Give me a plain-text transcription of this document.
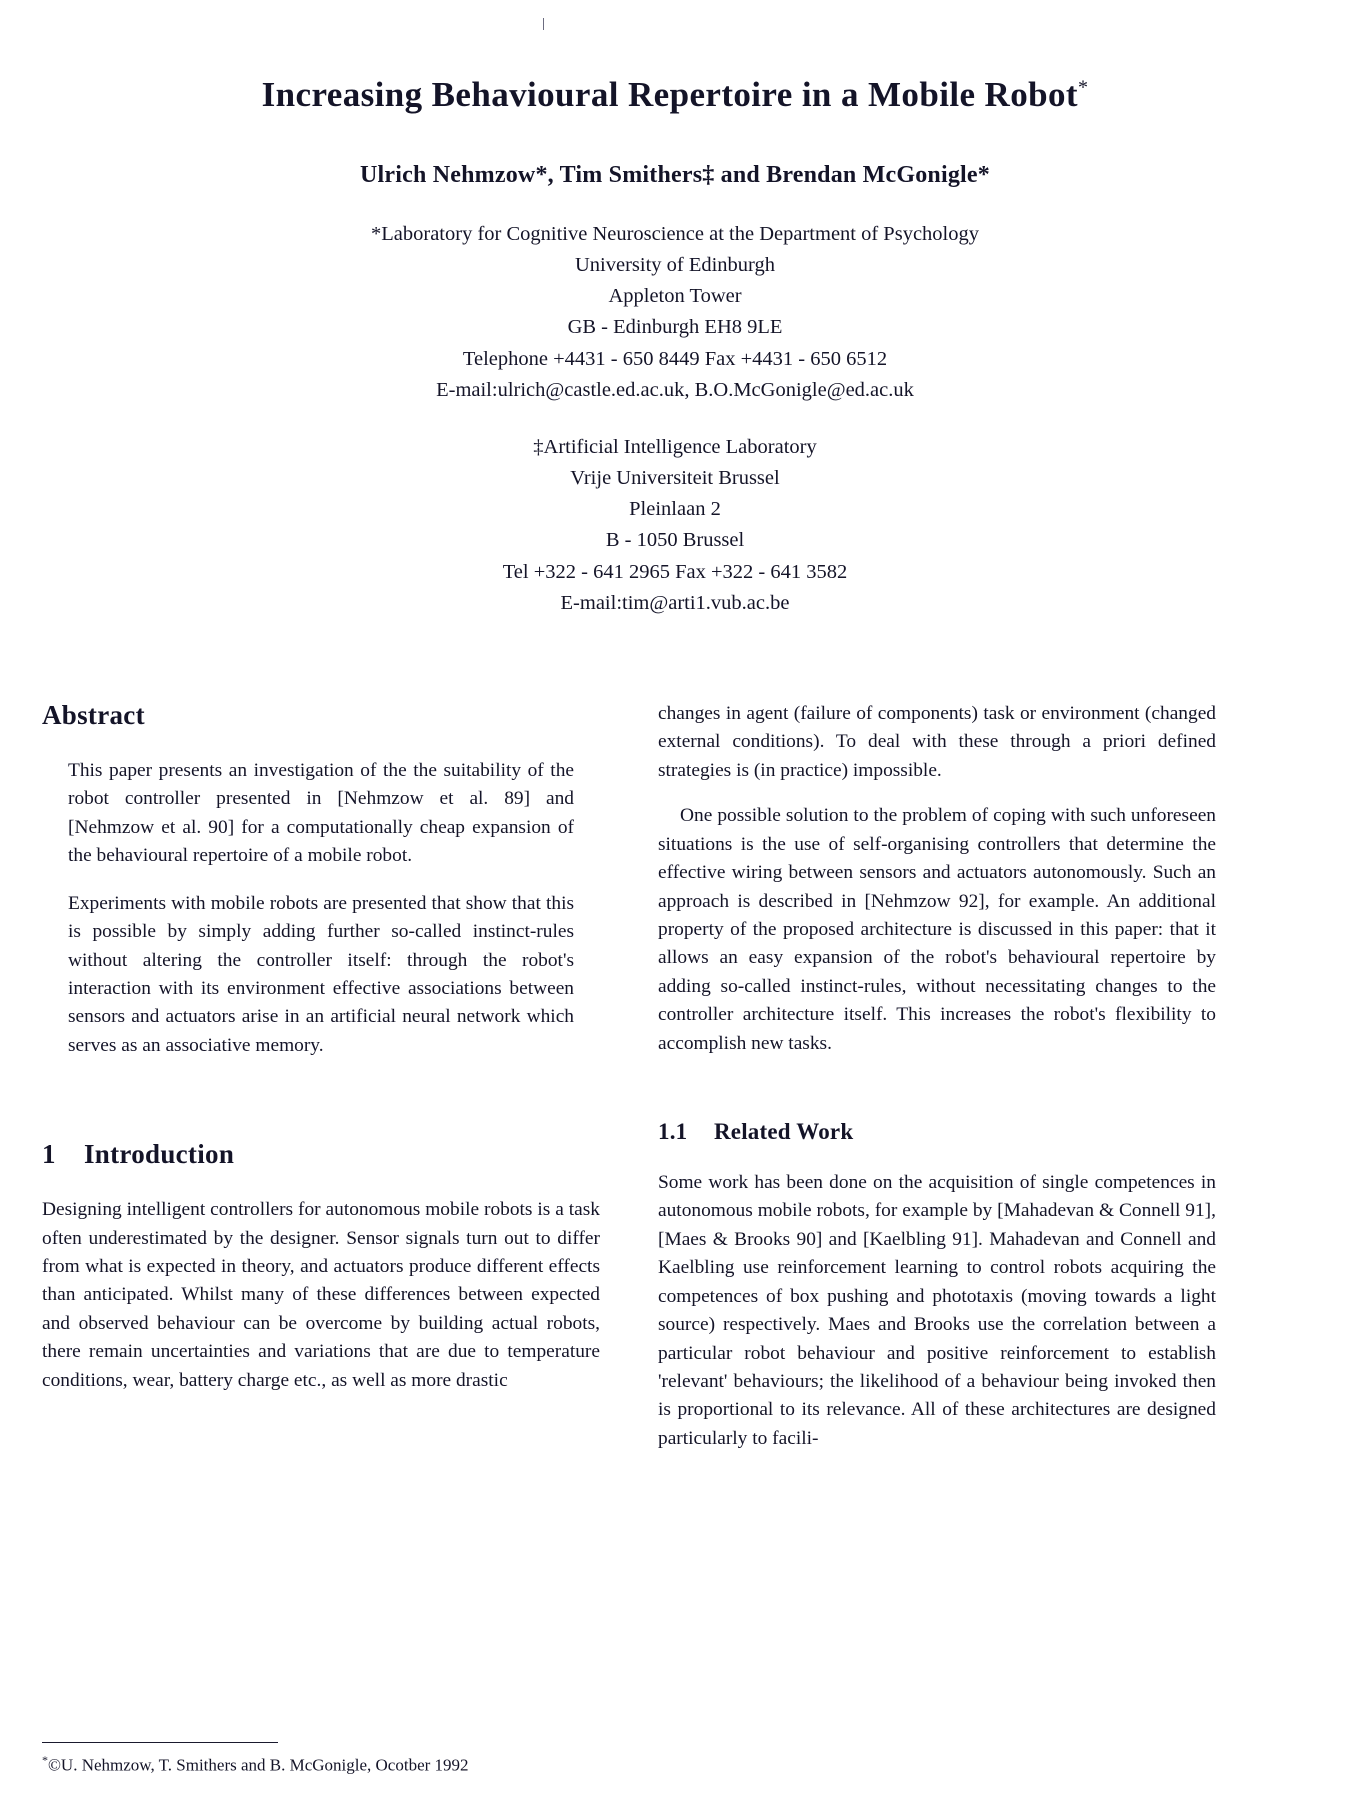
Increasing Behavioural Repertoire in a Mobile Robot*
Ulrich Nehmzow*, Tim Smithers‡ and Brendan McGonigle*
*Laboratory for Cognitive Neuroscience at the Department of Psychology
University of Edinburgh
Appleton Tower
GB - Edinburgh EH8 9LE
Telephone +4431 - 650 8449 Fax +4431 - 650 6512
E-mail:ulrich@castle.ed.ac.uk, B.O.McGonigle@ed.ac.uk
‡Artificial Intelligence Laboratory
Vrije Universiteit Brussel
Pleinlaan 2
B - 1050 Brussel
Tel +322 - 641 2965 Fax +322 - 641 3582
E-mail:tim@arti1.vub.ac.be
Abstract

This paper presents an investigation of the the suitability of the robot controller presented in [Nehmzow et al. 89] and [Nehmzow et al. 90] for a computationally cheap expansion of the behavioural repertoire of a mobile robot.

Experiments with mobile robots are presented that show that this is possible by simply adding further so-called instinct-rules without altering the controller itself: through the robot's interaction with its environment effective associations between sensors and actuators arise in an artificial neural network which serves as an associative memory.

1 Introduction

Designing intelligent controllers for autonomous mobile robots is a task often underestimated by the designer. Sensor signals turn out to differ from what is expected in theory, and actuators produce different effects than anticipated. Whilst many of these differences between expected and observed behaviour can be overcome by building actual robots, there remain uncertainties and variations that are due to temperature conditions, wear, battery charge etc., as well as more drastic

*©U. Nehmzow, T. Smithers and B. McGonigle, Ocotber 1992

changes in agent (failure of components) task or environment (changed external conditions). To deal with these through a priori defined strategies is (in practice) impossible.

One possible solution to the problem of coping with such unforeseen situations is the use of self-organising controllers that determine the effective wiring between sensors and actuators autonomously. Such an approach is described in [Nehmzow 92], for example. An additional property of the proposed architecture is discussed in this paper: that it allows an easy expansion of the robot's behavioural repertoire by adding so-called instinct-rules, without necessitating changes to the controller architecture itself. This increases the robot's flexibility to accomplish new tasks.

1.1 Related Work

Some work has been done on the acquisition of single competences in autonomous mobile robots, for example by [Mahadevan & Connell 91], [Maes & Brooks 90] and [Kaelbling 91]. Mahadevan and Connell and Kaelbling use reinforcement learning to control robots acquiring the competences of box pushing and phototaxis (moving towards a light source) respectively. Maes and Brooks use the correlation between a particular robot behaviour and positive reinforcement to establish 'relevant' behaviours; the likelihood of a behaviour being invoked then is proportional to its relevance. All of these architectures are designed particularly to facili-
